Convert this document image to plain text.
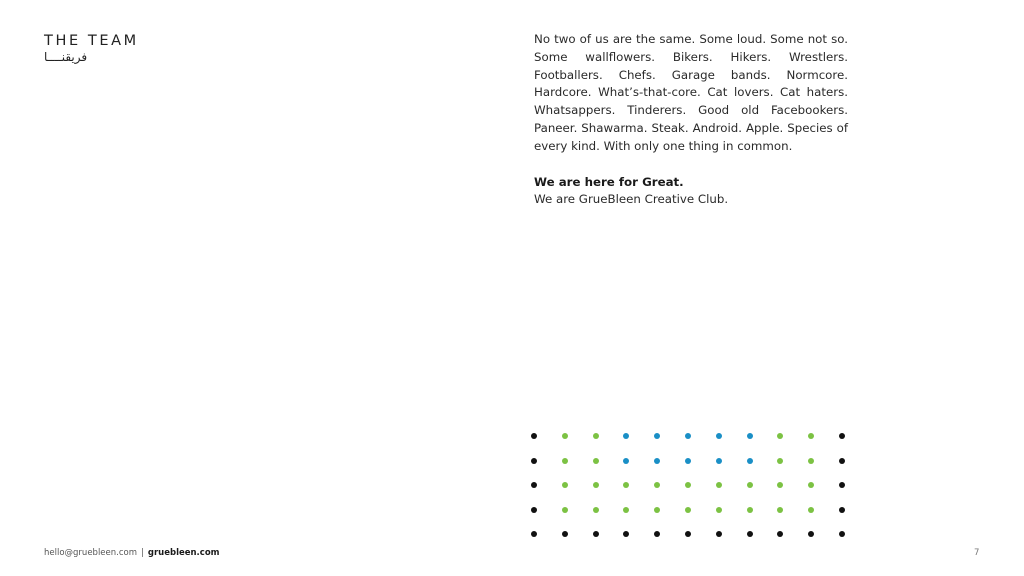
THE TEAM
فريقنــــا

No two of us are the same. Some loud. Some not so. Some wallflowers. Bikers. Hikers. Wrestlers. Footballers. Chefs. Garage bands. Normcore. Hardcore. What’s-that-core. Cat lovers. Cat haters. Whatsappers. Tinderers. Good old Facebookers. Paneer. Shawarma. Steak. Android. Apple. Species of every kind. With only one thing in common.

We are here for Great.

We are GrueBleen Creative Club.

hello@gruebleen.com | gruebleen.com	7
